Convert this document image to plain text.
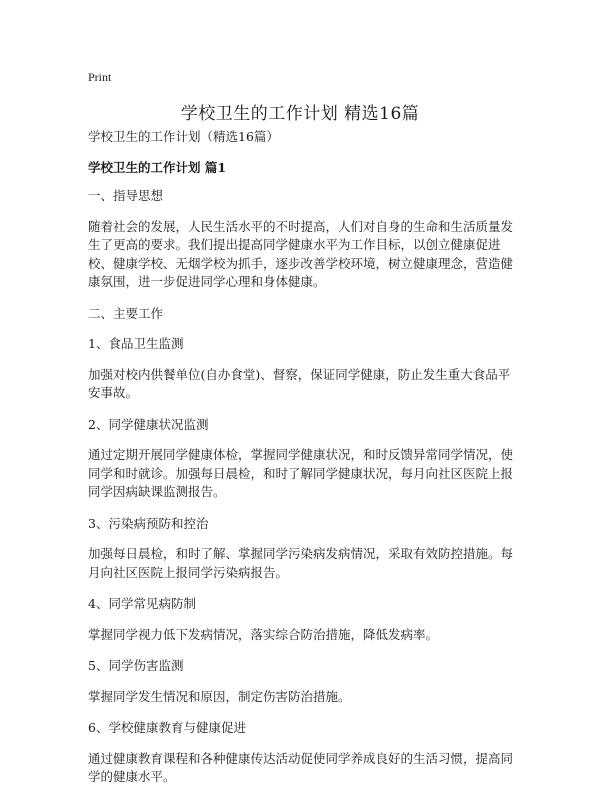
Print
学校卫生的工作计划 精选16篇

学校卫生的工作计划（精选16篇）

学校卫生的工作计划 篇1

一、指导思想

随着社会的发展，人民生活水平的不时提高，人们对自身的生命和生活质量发生了更高的要求。我们提出提高同学健康水平为工作目标，以创立健康促进校、健康学校、无烟学校为抓手，逐步改善学校环境，树立健康理念，营造健康氛围，进一步促进同学心理和身体健康。

二、主要工作

1、食品卫生监测

加强对校内供餐单位(自办食堂)、督察，保证同学健康，防止发生重大食品平安事故。

2、同学健康状况监测

通过定期开展同学健康体检，掌握同学健康状况，和时反馈异常同学情况，使同学和时就诊。加强每日晨检，和时了解同学健康状况，每月向社区医院上报同学因病缺课监测报告。

3、污染病预防和控治

加强每日晨检，和时了解、掌握同学污染病发病情况，采取有效防控措施。每月向社区医院上报同学污染病报告。

4、同学常见病防制

掌握同学视力低下发病情况，落实综合防治措施，降低发病率。

5、同学伤害监测

掌握同学发生情况和原因，制定伤害防治措施。

6、学校健康教育与健康促进

通过健康教育课程和各种健康传达活动促使同学养成良好的生活习惯，提高同学的健康水平。
